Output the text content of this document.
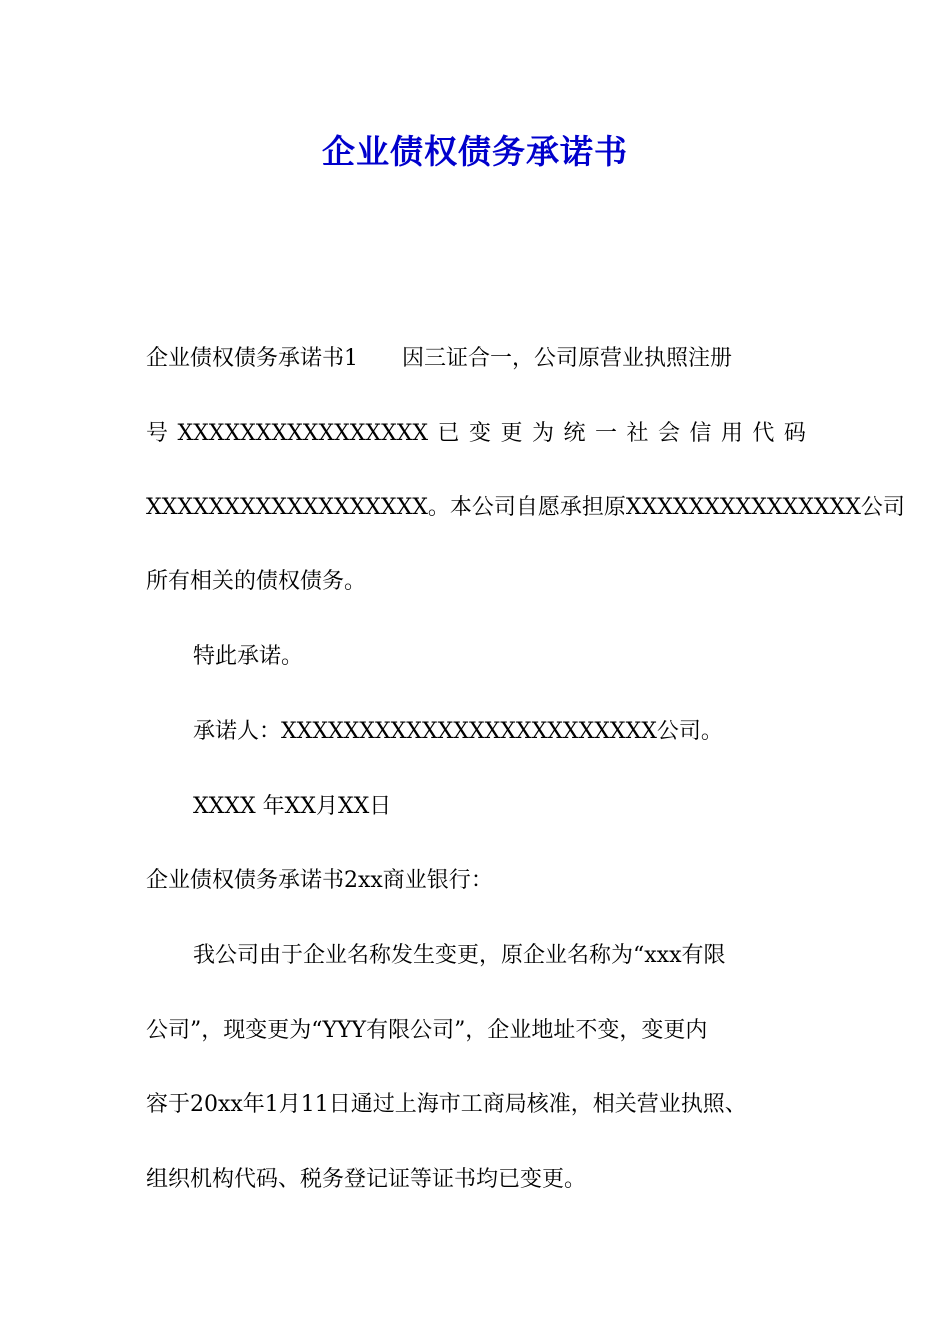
企业债权债务承诺书
企业债权债务承诺书1　　因三证合一，公司原营业执照注册
号 XXXXXXXXXXXXXXXX 已 变 更 为 统 一 社 会 信 用 代 码
XXXXXXXXXXXXXXXXXX。本公司自愿承担原XXXXXXXXXXXXXXX公司
所有相关的债权债务。
特此承诺。
承诺人：XXXXXXXXXXXXXXXXXXXXXXXX公司。
XXXX 年XX月XX日
企业债权债务承诺书2xx商业银行：
我公司由于企业名称发生变更，原企业名称为“xxx有限
公司”，现变更为“YYY有限公司”，企业地址不变，变更内
容于20xx年1月11日通过上海市工商局核准，相关营业执照、
组织机构代码、税务登记证等证书均已变更。
